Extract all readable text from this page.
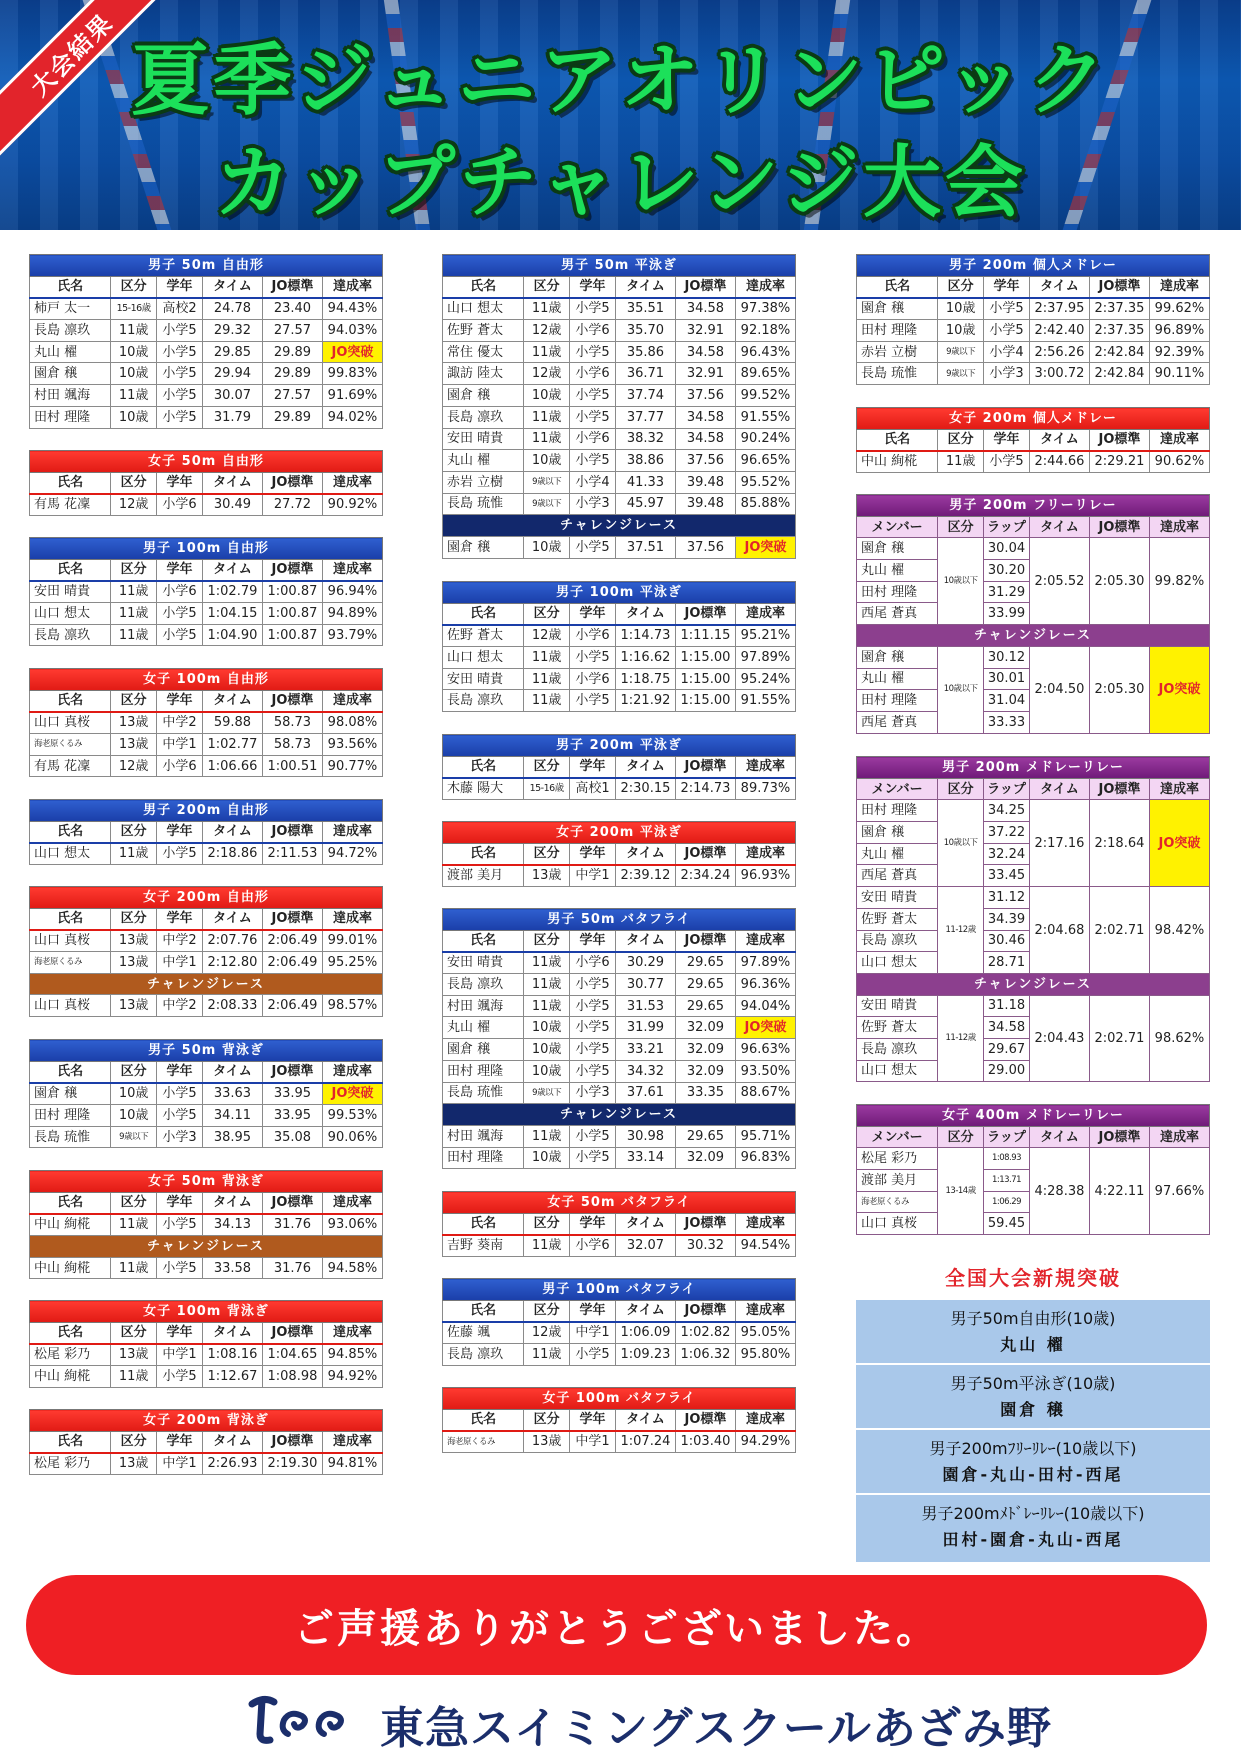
大会結果 夏季ジュニアオリンピック
カップチャレンジ大会
男子 50m 自由形					
氏名	区分	学年	タイム	JO標準	達成率
柿戸 太一	15-16歳	高校2	24.78	23.40	94.43%
長島 凛玖	11歳	小学5	29.32	27.57	94.03%
丸山 櫂	10歳	小学5	29.85	29.89	JO突破
園倉 穣	10歳	小学5	29.94	29.89	99.83%
村田 颯海	11歳	小学5	30.07	27.57	91.69%
田村 理隆	10歳	小学5	31.79	29.89	94.02%
女子 50m 自由形					
氏名	区分	学年	タイム	JO標準	達成率
有馬 花凜	12歳	小学6	30.49	27.72	90.92%
男子 100m 自由形					
氏名	区分	学年	タイム	JO標準	達成率
安田 晴貴	11歳	小学6	1:02.79	1:00.87	96.94%
山口 想太	11歳	小学5	1:04.15	1:00.87	94.89%
長島 凛玖	11歳	小学5	1:04.90	1:00.87	93.79%
女子 100m 自由形					
氏名	区分	学年	タイム	JO標準	達成率
山口 真桜	13歳	中学2	59.88	58.73	98.08%
海老原くるみ	13歳	中学1	1:02.77	58.73	93.56%
有馬 花凜	12歳	小学6	1:06.66	1:00.51	90.77%
男子 200m 自由形					
氏名	区分	学年	タイム	JO標準	達成率
山口 想太	11歳	小学5	2:18.86	2:11.53	94.72%
女子 200m 自由形					
氏名	区分	学年	タイム	JO標準	達成率
山口 真桜	13歳	中学2	2:07.76	2:06.49	99.01%
海老原くるみ	13歳	中学1	2:12.80	2:06.49	95.25%
チャレンジレース					
山口 真桜	13歳	中学2	2:08.33	2:06.49	98.57%
男子 50m 背泳ぎ					
氏名	区分	学年	タイム	JO標準	達成率
園倉 穣	10歳	小学5	33.63	33.95	JO突破
田村 理隆	10歳	小学5	34.11	33.95	99.53%
長島 琉惟	9歳以下	小学3	38.95	35.08	90.06%
女子 50m 背泳ぎ					
氏名	区分	学年	タイム	JO標準	達成率
中山 絢椛	11歳	小学5	34.13	31.76	93.06%
チャレンジレース					
中山 絢椛	11歳	小学5	33.58	31.76	94.58%
女子 100m 背泳ぎ					
氏名	区分	学年	タイム	JO標準	達成率
松尾 彩乃	13歳	中学1	1:08.16	1:04.65	94.85%
中山 絢椛	11歳	小学5	1:12.67	1:08.98	94.92%
女子 200m 背泳ぎ					
氏名	区分	学年	タイム	JO標準	達成率
松尾 彩乃	13歳	中学1	2:26.93	2:19.30	94.81%
男子 50m 平泳ぎ					
氏名	区分	学年	タイム	JO標準	達成率
山口 想太	11歳	小学5	35.51	34.58	97.38%
佐野 蒼太	12歳	小学6	35.70	32.91	92.18%
常住 優太	11歳	小学5	35.86	34.58	96.43%
諏訪 陸太	12歳	小学6	36.71	32.91	89.65%
園倉 穣	10歳	小学5	37.74	37.56	99.52%
長島 凛玖	11歳	小学5	37.77	34.58	91.55%
安田 晴貴	11歳	小学6	38.32	34.58	90.24%
丸山 櫂	10歳	小学5	38.86	37.56	96.65%
赤岩 立樹	9歳以下	小学4	41.33	39.48	95.52%
長島 琉惟	9歳以下	小学3	45.97	39.48	85.88%
チャレンジレース					
園倉 穣	10歳	小学5	37.51	37.56	JO突破
男子 100m 平泳ぎ					
氏名	区分	学年	タイム	JO標準	達成率
佐野 蒼太	12歳	小学6	1:14.73	1:11.15	95.21%
山口 想太	11歳	小学5	1:16.62	1:15.00	97.89%
安田 晴貴	11歳	小学6	1:18.75	1:15.00	95.24%
長島 凛玖	11歳	小学5	1:21.92	1:15.00	91.55%
男子 200m 平泳ぎ					
氏名	区分	学年	タイム	JO標準	達成率
木藤 陽大	15-16歳	高校1	2:30.15	2:14.73	89.73%
女子 200m 平泳ぎ					
氏名	区分	学年	タイム	JO標準	達成率
渡部 美月	13歳	中学1	2:39.12	2:34.24	96.93%
男子 50m バタフライ					
氏名	区分	学年	タイム	JO標準	達成率
安田 晴貴	11歳	小学6	30.29	29.65	97.89%
長島 凛玖	11歳	小学5	30.77	29.65	96.36%
村田 颯海	11歳	小学5	31.53	29.65	94.04%
丸山 櫂	10歳	小学5	31.99	32.09	JO突破
園倉 穣	10歳	小学5	33.21	32.09	96.63%
田村 理隆	10歳	小学5	34.32	32.09	93.50%
長島 琉惟	9歳以下	小学3	37.61	33.35	88.67%
チャレンジレース					
村田 颯海	11歳	小学5	30.98	29.65	95.71%
田村 理隆	10歳	小学5	33.14	32.09	96.83%
女子 50m バタフライ					
氏名	区分	学年	タイム	JO標準	達成率
吉野 葵南	11歳	小学6	32.07	30.32	94.54%
男子 100m バタフライ					
氏名	区分	学年	タイム	JO標準	達成率
佐藤 颯	12歳	中学1	1:06.09	1:02.82	95.05%
長島 凛玖	11歳	小学5	1:09.23	1:06.32	95.80%
女子 100m バタフライ					
氏名	区分	学年	タイム	JO標準	達成率
海老原くるみ	13歳	中学1	1:07.24	1:03.40	94.29%
男子 200m 個人メドレー					
氏名	区分	学年	タイム	JO標準	達成率
園倉 穣	10歳	小学5	2:37.95	2:37.35	99.62%
田村 理隆	10歳	小学5	2:42.40	2:37.35	96.89%
赤岩 立樹	9歳以下	小学4	2:56.26	2:42.84	92.39%
長島 琉惟	9歳以下	小学3	3:00.72	2:42.84	90.11%
女子 200m 個人メドレー					
氏名	区分	学年	タイム	JO標準	達成率
中山 絢椛	11歳	小学5	2:44.66	2:29.21	90.62%
男子 200m フリーリレー					
メンバー	区分	ラップ	タイム	JO標準	達成率
園倉 穣	10歳以下	30.04	2:05.52	2:05.30	99.82%
丸山 櫂		30.20			
田村 理隆		31.29			
西尾 蒼真		33.99			
チャレンジレース					
園倉 穣	10歳以下	30.12	2:04.50	2:05.30	JO突破
丸山 櫂		30.01			
田村 理隆		31.04			
西尾 蒼真		33.33			
男子 200m メドレーリレー					
メンバー	区分	ラップ	タイム	JO標準	達成率
田村 理隆	10歳以下	34.25	2:17.16	2:18.64	JO突破
園倉 穣		37.22			
丸山 櫂		32.24			
西尾 蒼真		33.45			
安田 晴貴	11-12歳	31.12	2:04.68	2:02.71	98.42%
佐野 蒼太		34.39			
長島 凛玖		30.46			
山口 想太		28.71			
チャレンジレース					
安田 晴貴	11-12歳	31.18	2:04.43	2:02.71	98.62%
佐野 蒼太		34.58			
長島 凛玖		29.67			
山口 想太		29.00			
女子 400m メドレーリレー					
メンバー	区分	ラップ	タイム	JO標準	達成率
松尾 彩乃	13-14歳	1:08.93	4:28.38	4:22.11	97.66%
渡部 美月		1:13.71			
海老原くるみ		1:06.29			
山口 真桜		59.45			
全国大会新規突破
男子50m自由形(10歳)
丸山 櫂
男子50m平泳ぎ(10歳)
園倉 穣
男子200mﾌﾘｰﾘﾚｰ(10歳以下)
園倉-丸山-田村-西尾
男子200mﾒﾄﾞﾚｰﾘﾚｰ(10歳以下)
田村-園倉-丸山-西尾
ご声援ありがとうございました。
東急スイミングスクールあざみ野
